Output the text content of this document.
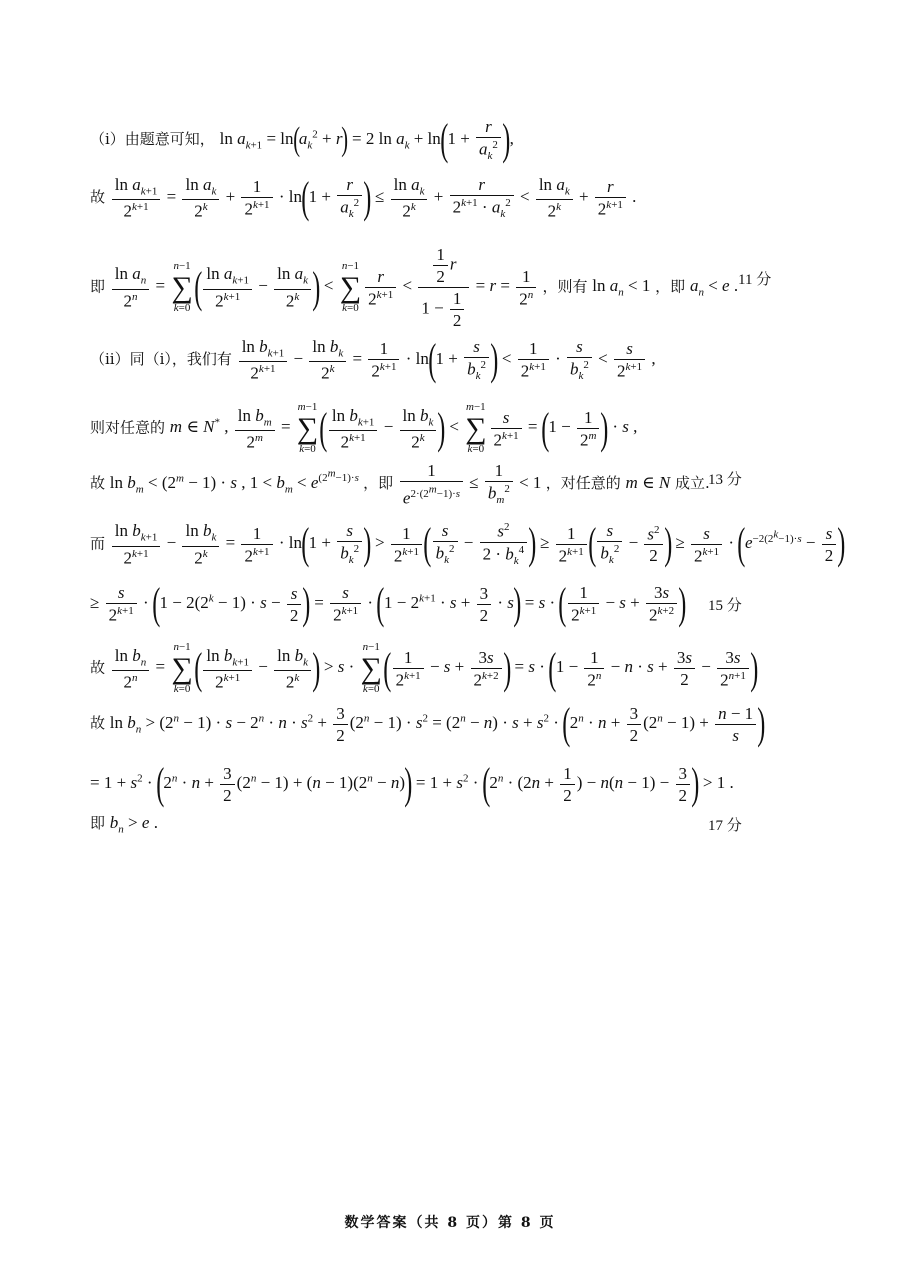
（i）由题意可知， $\ln a_{k+1} = \ln(a_k^2 + r) = 2$ $\ln a_k + \ln(1 + \frac{r}{a_k^2}$ ),
故 $\frac{\ln a_{k+1}}{2^{k+1}} = \frac{\ln a_k}{2^k} + \frac{1}{2^{k+1}} \cdot \ln(1 + \frac{r}{a_k^2}$ ) ≤ $\frac{\ln a_k}{2^k} + \frac{r}{2^{k+1} \cdot a_k^2} < \frac{\ln a_k}{2^k} + \frac{r}{2^{k+1}}$ .
即 $\frac{\ln a_n}{2^n} = n-1$
∑
$k=0( \frac{\ln a_{k+1}}{2^{k+1}} - \frac{\ln a_k}{2^k}$ ) < n−1
∑
k=0
$\frac{r}{2^{k+1}} < \frac{\frac{1}{2} r}{1 - \frac{1}{2}} = r = \frac{1}{2^n}$ ，则有 $\ln a_n < 1$ ，即 $a_n < e$ . 11 分
（ii）同（i），我们有 $\frac{\ln b_{k+1}}{2^{k+1}} - \frac{\ln b_k}{2^k} = \frac{1}{2^{k+1}} \cdot \ln(1 + \frac{s}{b_k^2}$ ) < $\frac{1}{2^{k+1}} \cdot \frac{s}{b_k^2} < \frac{s}{2^{k+1}}$ ,
则对任意的 m ∈ N* , $\frac{\ln b_m}{2^m} = m-1$
∑
$k=0( \frac{\ln b_{k+1}}{2^{k+1}} - \frac{\ln b_k}{2^k}$ ) < m−1
∑
k=0
$\frac{s}{2^{k+1}} = (1 - \frac{1}{2^m}$ ) · s ,
故 $\ln b_m < (2^m - 1) \cdot s$ , $1 < b_m < e^{(2^m-1)\cdot s}$ ，即 $\frac{1}{e^{2\cdot(2^m-1)\cdot s}} \le \frac{1}{b_m^2} < 1$ ，对任意的 m ∈ N 成立.
13 分
而 $\frac{\ln b_{k+1}}{2^{k+1}} - \frac{\ln b_k}{2^k} = \frac{1}{2^{k+1}} \cdot \ln(1 + \frac{s}{b_k^2}$ ) > $\frac{1}{2^{k+1}}$ ( $\frac{s}{b_k^2} - \frac{s^2}{2 \cdot b_k^4}$ ) ≥ $\frac{1}{2^{k+1}}$ ( $\frac{s}{b_k^2} - \frac{s^2}{2}$ ) ≥ $\frac{s}{2^{k+1}} \cdot (e^{-2(2^k-1)\cdot s} - \frac{s}{2}$ )
≥ $\frac{s}{2^{k+1}} \cdot (1 - 2(2^k - 1) \cdot s - \frac{s}{2}$ ) = $\frac{s}{2^{k+1}} \cdot (1 - 2^{k+1} \cdot s + \frac{3}{2} \cdot s) = s$ · ( $\frac{1}{2^{k+1}} - s + \frac{3s}{2^{k+2}}$ ) 15 分
故 $\frac{\ln b_n}{2^n} = n-1$
∑
$k=0( \frac{\ln b_{k+1}}{2^{k+1}} - \frac{\ln b_k}{2^k}$ ) > s · n−1
∑
$k=0( \frac{1}{2^{k+1}} - s + \frac{3s}{2^{k+2}}$ ) = $s \cdot (1 - \frac{1}{2^n} - n \cdot s + \frac{3s}{2} - \frac{3s}{2^{n+1}}$ )
故 $\ln b_n > (2^n - 1) \cdot s - 2^n \cdot n \cdot s^2 + \frac{3}{2} (2^n - 1) \cdot s^2 = (2^n - n) \cdot s + s^2 \cdot (2^n \cdot n + \frac{3}{2} (2^n - 1) + \frac{n - 1}{s}$ )
= $1 + s^2 \cdot (2^n \cdot n + \frac{3}{2} (2^n - 1) + (n - 1)(2^n - n)) = 1 + s^2 \cdot (2^n \cdot (2n + \frac{1}{2}$ ) − $n(n - 1) - \frac{3}{2}$ ) > 1 .
即 $b_n > e$ .	17 分
数学答案（共 8 页）第 8 页
